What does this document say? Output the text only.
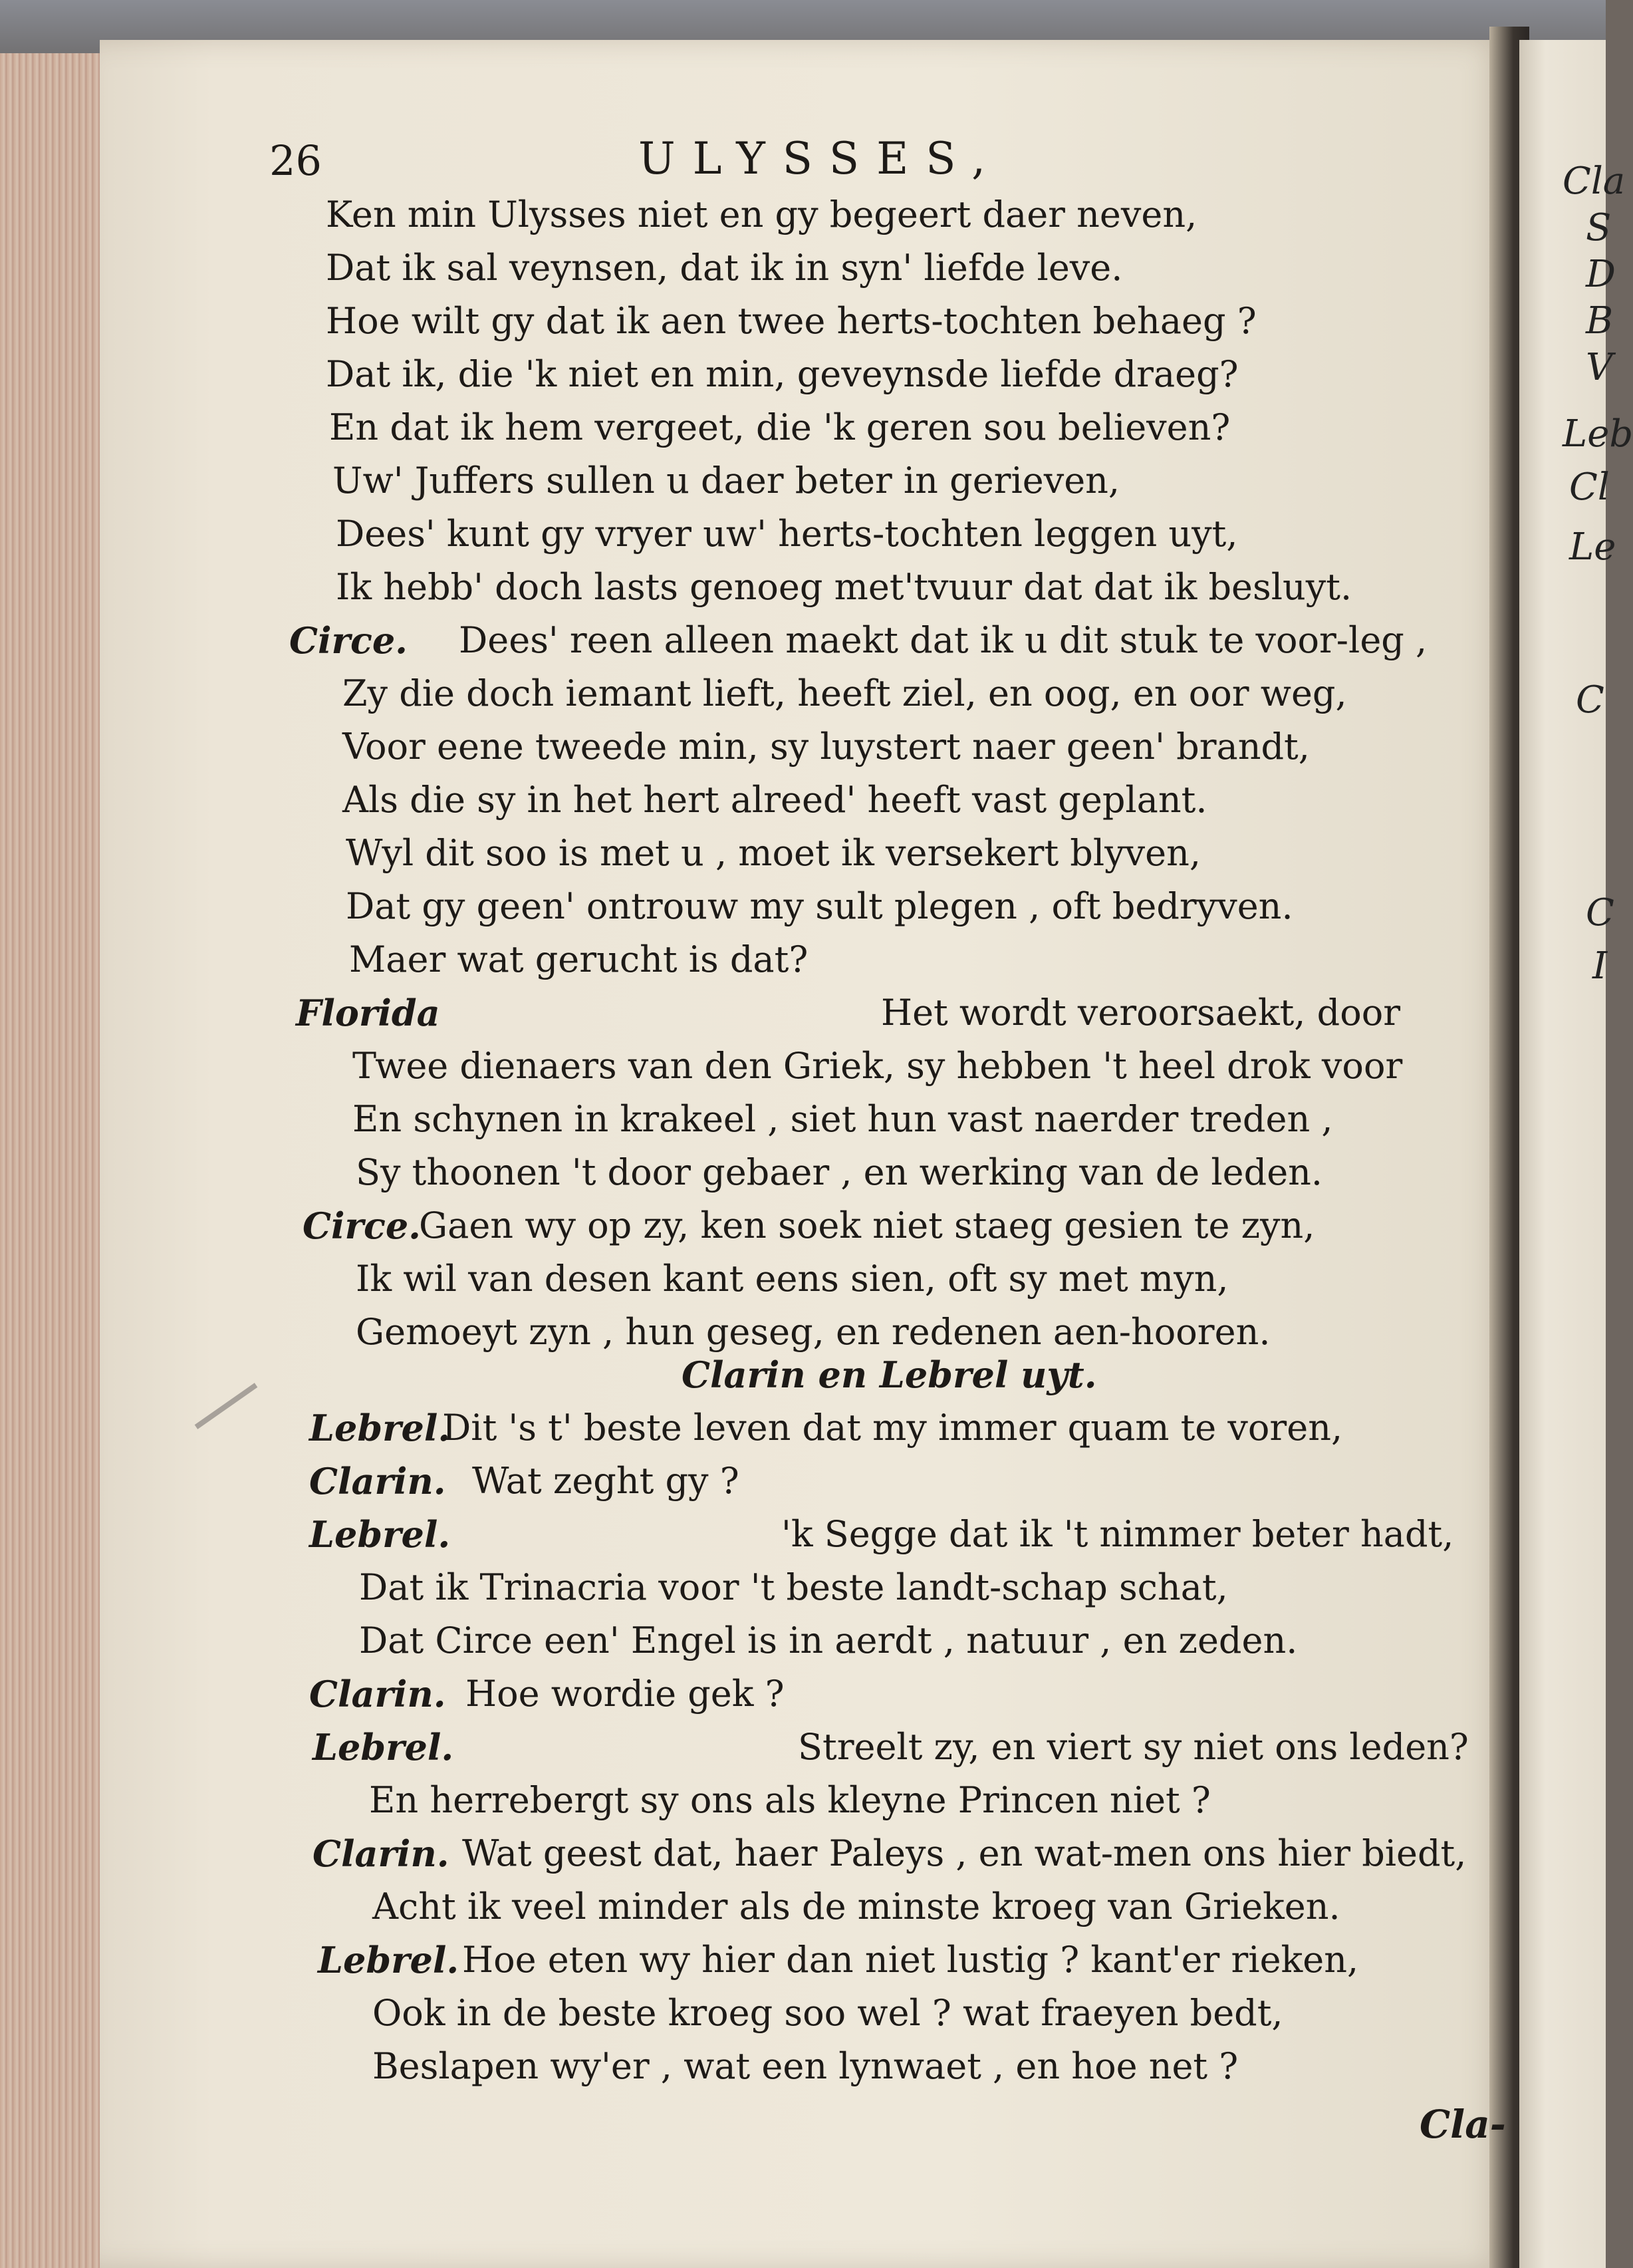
Cla
S
D
B
V
Leb
Cl
Le
C
C
I
26	ULYSSES,
Ken min Ulysses niet en gy begeert daer neven,
Dat ik sal veynsen, dat ik in syn' liefde leve.
Hoe wilt gy dat ik aen twee herts-tochten behaeg ?
Dat ik, die 'k niet en min, geveynsde liefde draeg?
En dat ik hem vergeet, die 'k geren sou believen?
Uw' Juffers sullen u daer beter in gerieven,
Dees' kunt gy vryer uw' herts-tochten leggen uyt,
Ik hebb' doch lasts genoeg met'tvuur dat dat ik besluyt.
Circe. Dees' reen alleen maekt dat ik u dit stuk te voor-leg ,
Zy die doch iemant lieft, heeft ziel, en oog, en oor weg,
Voor eene tweede min, sy luystert naer geen' brandt,
Als die sy in het hert alreed' heeft vast geplant.
Wyl dit soo is met u , moet ik versekert blyven,
Dat gy geen' ontrouw my sult plegen , oft bedryven.
Maer wat gerucht is dat?
Florida	Het wordt veroorsaekt, door
Twee dienaers van den Griek, sy hebben 't heel drok voor
En schynen in krakeel , siet hun vast naerder treden ,
Sy thoonen 't door gebaer , en werking van de leden.
Circe.
Gaen wy op zy, ken soek niet staeg gesien te zyn,
Ik wil van desen kant eens sien, oft sy met myn,
Gemoeyt zyn , hun geseg, en redenen aen-hooren.
Clarin en Lebrel uyt.
Lebrel.
Dit 's t' beste leven dat my immer quam te voren,
Clarin. Wat zeght gy ?
Lebrel.	'k Segge dat ik 't nimmer beter hadt,
Dat ik Trinacria voor 't beste landt-schap schat,
Dat Circe een' Engel is in aerdt , natuur , en zeden.
Clarin. Hoe wordie gek ?
Lebrel.	Streelt zy, en viert sy niet ons leden?
En herrebergt sy ons als kleyne Princen niet ?
Clarin. Wat geest dat, haer Paleys , en wat-men ons hier biedt,
Acht ik veel minder als de minste kroeg van Grieken.
Lebrel. Hoe eten wy hier dan niet lustig ? kant'er rieken,
Ook in de beste kroeg soo wel ? wat fraeyen bedt,
Beslapen wy'er , wat een lynwaet , en hoe net ?
Cla-
